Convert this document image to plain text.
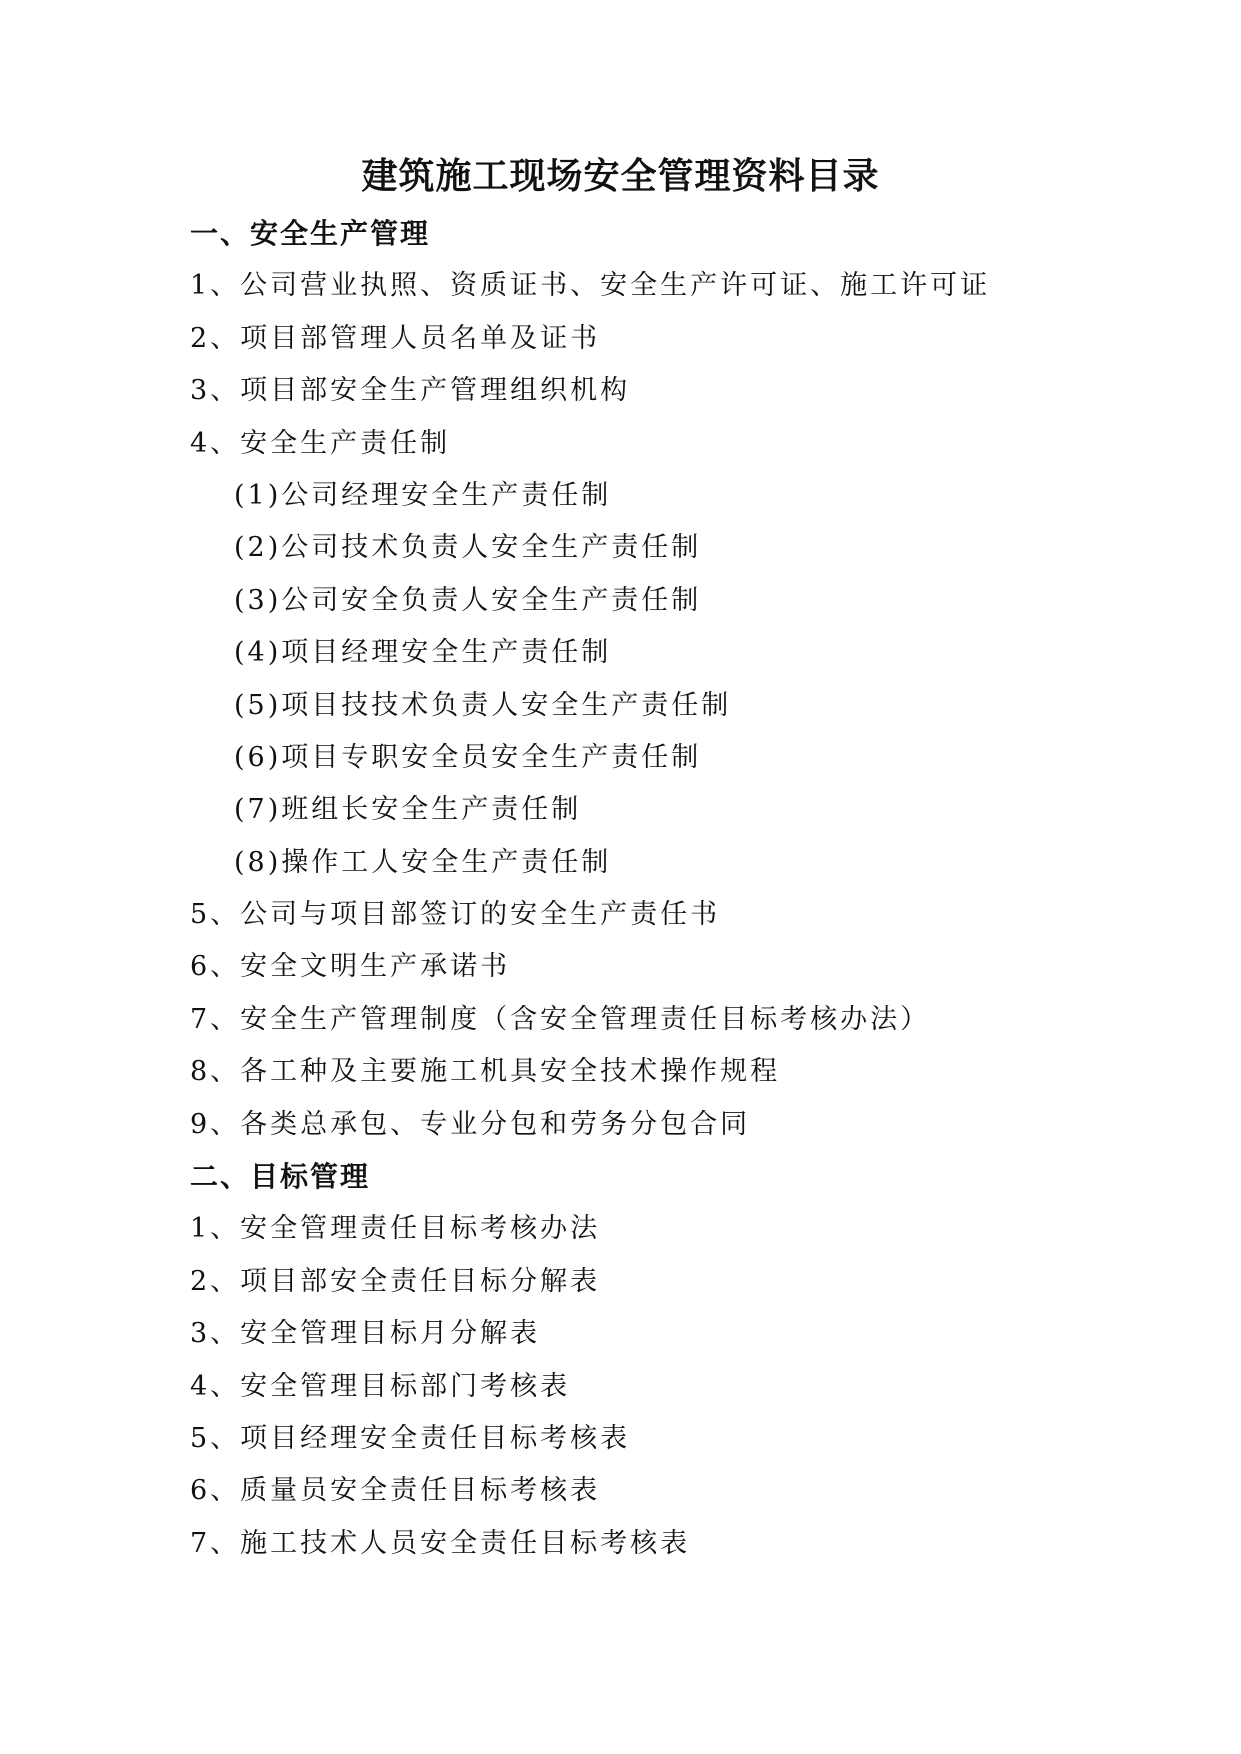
建筑施工现场安全管理资料目录
一、安全生产管理
1、公司营业执照、资质证书、安全生产许可证、施工许可证
2、项目部管理人员名单及证书
3、项目部安全生产管理组织机构
4、安全生产责任制
(1)公司经理安全生产责任制
(2)公司技术负责人安全生产责任制
(3)公司安全负责人安全生产责任制
(4)项目经理安全生产责任制
(5)项目技技术负责人安全生产责任制
(6)项目专职安全员安全生产责任制
(7)班组长安全生产责任制
(8)操作工人安全生产责任制
5、公司与项目部签订的安全生产责任书
6、安全文明生产承诺书
7、安全生产管理制度（含安全管理责任目标考核办法）
8、各工种及主要施工机具安全技术操作规程
9、各类总承包、专业分包和劳务分包合同
二、目标管理
1、安全管理责任目标考核办法
2、项目部安全责任目标分解表
3、安全管理目标月分解表
4、安全管理目标部门考核表
5、项目经理安全责任目标考核表
6、质量员安全责任目标考核表
7、施工技术人员安全责任目标考核表
